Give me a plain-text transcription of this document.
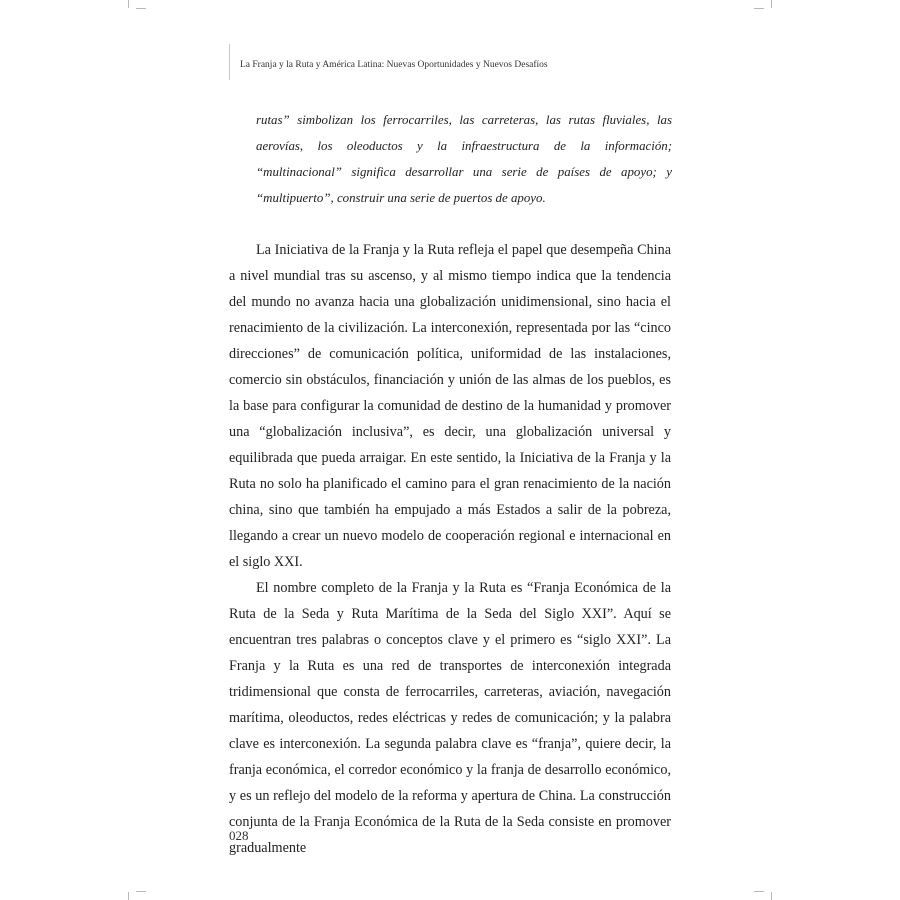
La Franja y la Ruta y América Latina: Nuevas Oportunidades y Nuevos Desafíos

rutas” simbolizan los ferrocarriles, las carreteras, las rutas fluviales, las aerovías, los oleoductos y la infraestructura de la información; “multinacional” significa desarrollar una serie de países de apoyo; y “multipuerto”, construir una serie de puertos de apoyo.

La Iniciativa de la Franja y la Ruta refleja el papel que desempeña China a nivel mundial tras su ascenso, y al mismo tiempo indica que la tendencia del mundo no avanza hacia una globalización unidimensional, sino hacia el renacimiento de la civilización. La interconexión, representada por las “cinco direcciones” de comunicación política, uniformidad de las instalaciones, comercio sin obstáculos, financiación y unión de las almas de los pueblos, es la base para configurar la comunidad de destino de la humanidad y promover una “globalización inclusiva”, es decir, una globalización universal y equilibrada que pueda arraigar. En este sentido, la Iniciativa de la Franja y la Ruta no solo ha planificado el camino para el gran renacimiento de la nación china, sino que también ha empujado a más Estados a salir de la pobreza, llegando a crear un nuevo modelo de cooperación regional e internacional en el siglo XXI.

El nombre completo de la Franja y la Ruta es “Franja Económica de la Ruta de la Seda y Ruta Marítima de la Seda del Siglo XXI”. Aquí se encuentran tres palabras o conceptos clave y el primero es “siglo XXI”. La Franja y la Ruta es una red de transportes de interconexión integrada tridimensional que consta de ferrocarriles, carreteras, aviación, navegación marítima, oleoductos, redes eléctricas y redes de comunicación; y la palabra clave es interconexión. La segunda palabra clave es “franja”, quiere decir, la franja económica, el corredor económico y la franja de desarrollo económico, y es un reflejo del modelo de la reforma y apertura de China. La construcción conjunta de la Franja Económica de la Ruta de la Seda consiste en promover gradualmente

028
